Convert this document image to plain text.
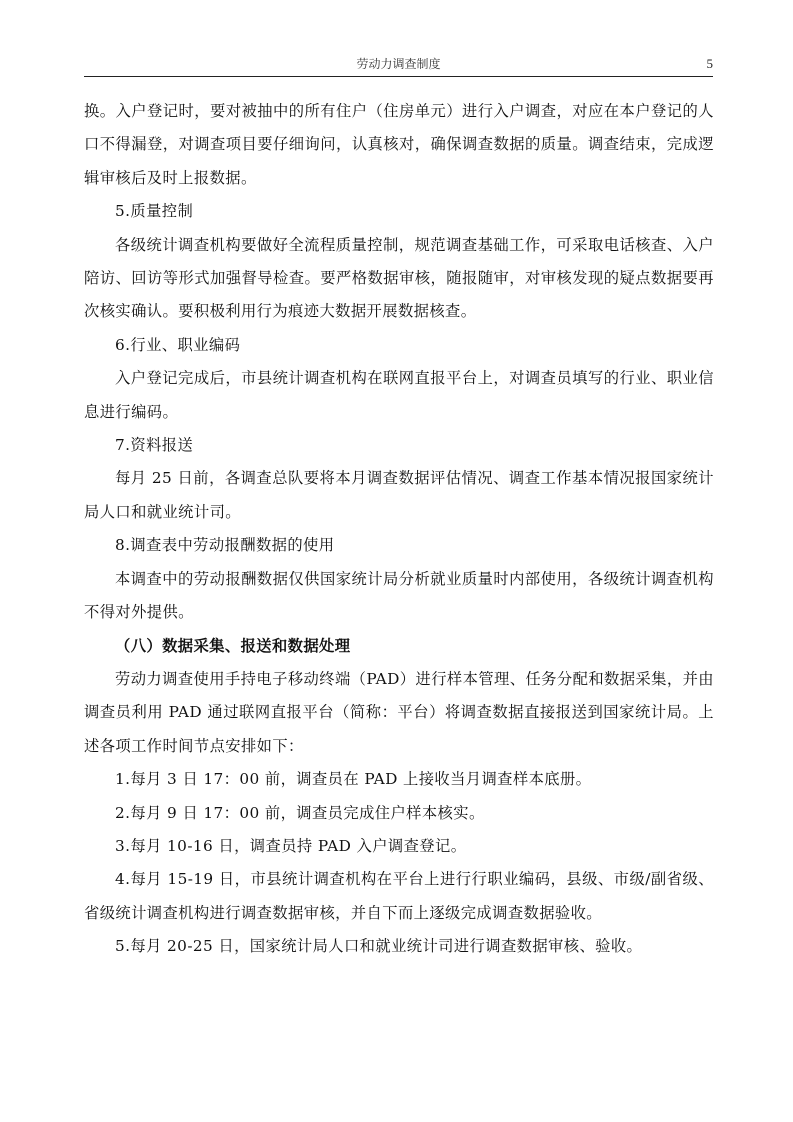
劳动力调查制度	5

换。入户登记时，要对被抽中的所有住户（住房单元）进行入户调查，对应在本户登记的人口不得漏登，对调查项目要仔细询问，认真核对，确保调查数据的质量。调查结束，完成逻辑审核后及时上报数据。

5.质量控制

各级统计调查机构要做好全流程质量控制，规范调查基础工作，可采取电话核查、入户陪访、回访等形式加强督导检查。要严格数据审核，随报随审，对审核发现的疑点数据要再次核实确认。要积极利用行为痕迹大数据开展数据核查。

6.行业、职业编码

入户登记完成后，市县统计调查机构在联网直报平台上，对调查员填写的行业、职业信息进行编码。

7.资料报送

每月 25 日前，各调查总队要将本月调查数据评估情况、调查工作基本情况报国家统计局人口和就业统计司。

8.调查表中劳动报酬数据的使用

本调查中的劳动报酬数据仅供国家统计局分析就业质量时内部使用，各级统计调查机构不得对外提供。

（八）数据采集、报送和数据处理

劳动力调查使用手持电子移动终端（PAD）进行样本管理、任务分配和数据采集，并由调查员利用 PAD 通过联网直报平台（简称：平台）将调查数据直接报送到国家统计局。上述各项工作时间节点安排如下：

1.每月 3 日 17：00 前，调查员在 PAD 上接收当月调查样本底册。

2.每月 9 日 17：00 前，调查员完成住户样本核实。

3.每月 10-16 日，调查员持 PAD 入户调查登记。

4.每月 15-19 日，市县统计调查机构在平台上进行行职业编码，县级、市级/副省级、省级统计调查机构进行调查数据审核，并自下而上逐级完成调查数据验收。

5.每月 20-25 日，国家统计局人口和就业统计司进行调查数据审核、验收。
